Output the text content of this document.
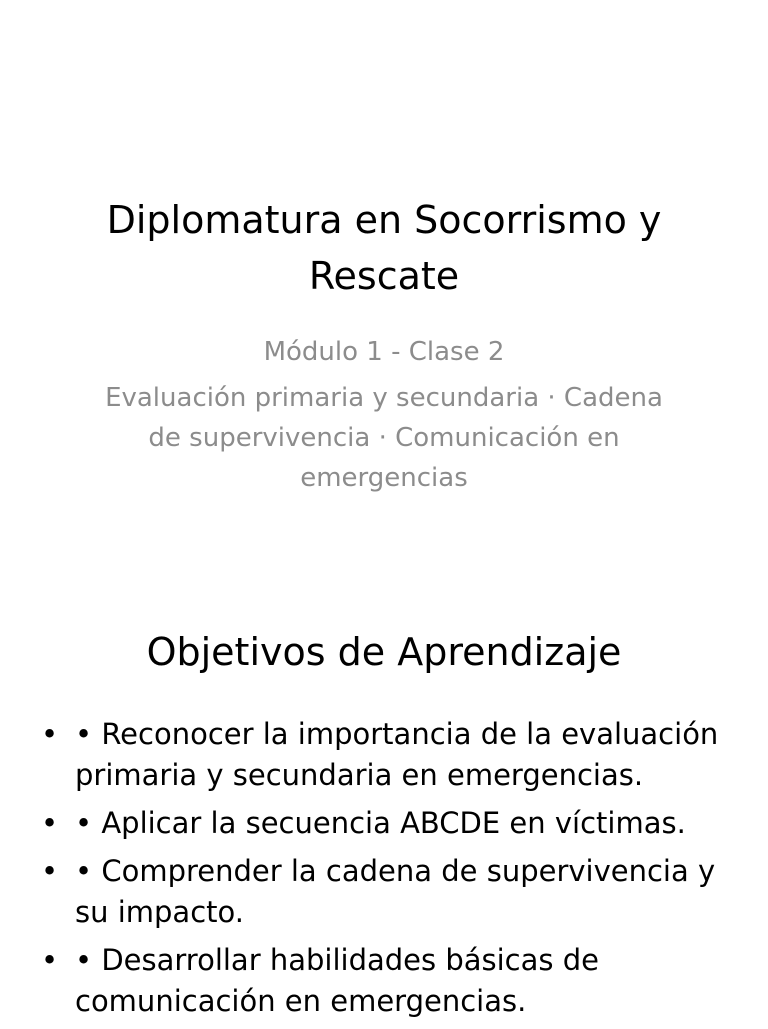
Diplomatura en Socorrismo y Rescate

Módulo 1 - Clase 2

Evaluación primaria y secundaria · Cadena de supervivencia · Comunicación en emergencias

Objetivos de Aprendizaje
• • Reconocer la importancia de la evaluación primaria y secundaria en emergencias.
• • Aplicar la secuencia ABCDE en víctimas.
• • Comprender la cadena de supervivencia y su impacto.
• • Desarrollar habilidades básicas de comunicación en emergencias.
